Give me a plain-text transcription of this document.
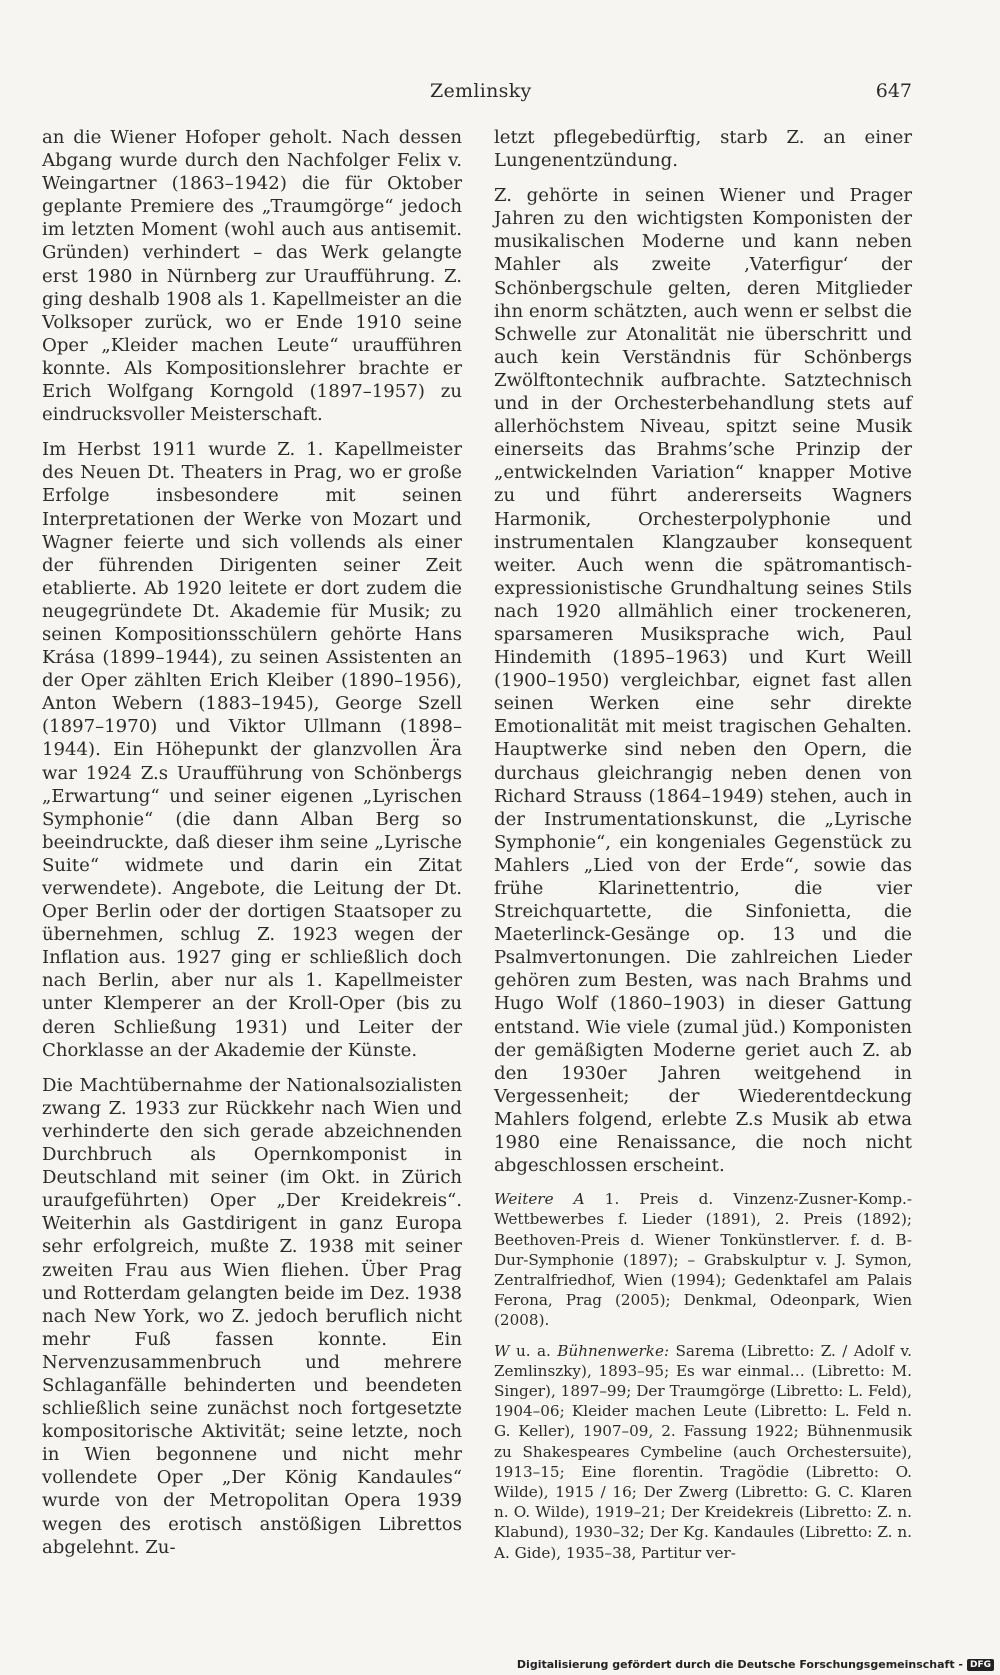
Zemlinsky	647

an die Wiener Hofoper geholt. Nach dessen Abgang wurde durch den Nachfolger Felix v. Weingartner (1863–1942) die für Oktober geplante Premiere des „Traumgörge“ jedoch im letzten Moment (wohl auch aus antisemit. Gründen) verhindert – das Werk gelangte erst 1980 in Nürnberg zur Uraufführung. Z. ging deshalb 1908 als 1. Kapellmeister an die Volksoper zurück, wo er Ende 1910 seine Oper „Kleider machen Leute“ uraufführen konnte. Als Kompositionslehrer brachte er Erich Wolfgang Korngold (1897–1957) zu eindrucksvoller Meisterschaft.

Im Herbst 1911 wurde Z. 1. Kapellmeister des Neuen Dt. Theaters in Prag, wo er große Erfolge insbesondere mit seinen Interpretationen der Werke von Mozart und Wagner feierte und sich vollends als einer der führenden Dirigenten seiner Zeit etablierte. Ab 1920 leitete er dort zudem die neugegründete Dt. Akademie für Musik; zu seinen Kompositionsschülern gehörte Hans Krása (1899–1944), zu seinen Assistenten an der Oper zählten Erich Kleiber (1890–1956), Anton Webern (1883–1945), George Szell (1897–1970) und Viktor Ullmann (1898–1944). Ein Höhepunkt der glanzvollen Ära war 1924 Z.s Uraufführung von Schönbergs „Erwartung“ und seiner eigenen „Lyrischen Symphonie“ (die dann Alban Berg so beeindruckte, daß dieser ihm seine „Lyrische Suite“ widmete und darin ein Zitat verwendete). Angebote, die Leitung der Dt. Oper Berlin oder der dortigen Staatsoper zu übernehmen, schlug Z. 1923 wegen der Inflation aus. 1927 ging er schließlich doch nach Berlin, aber nur als 1. Kapellmeister unter Klemperer an der Kroll-Oper (bis zu deren Schließung 1931) und Leiter der Chorklasse an der Akademie der Künste.

Die Machtübernahme der Nationalsozialisten zwang Z. 1933 zur Rückkehr nach Wien und verhinderte den sich gerade abzeichnenden Durchbruch als Opernkomponist in Deutschland mit seiner (im Okt. in Zürich uraufgeführten) Oper „Der Kreidekreis“. Weiterhin als Gastdirigent in ganz Europa sehr erfolgreich, mußte Z. 1938 mit seiner zweiten Frau aus Wien fliehen. Über Prag und Rotterdam gelangten beide im Dez. 1938 nach New York, wo Z. jedoch beruflich nicht mehr Fuß fassen konnte. Ein Nervenzusammenbruch und mehrere Schlaganfälle behinderten und beendeten schließlich seine zunächst noch fortgesetzte kompositorische Aktivität; seine letzte, noch in Wien begonnene und nicht mehr vollendete Oper „Der König Kandaules“ wurde von der Metropolitan Opera 1939 wegen des erotisch anstößigen Librettos abgelehnt. Zu-

letzt pflegebedürftig, starb Z. an einer Lungenentzündung.

Z. gehörte in seinen Wiener und Prager Jahren zu den wichtigsten Komponisten der musikalischen Moderne und kann neben Mahler als zweite ‚Vaterfigur‘ der Schönbergschule gelten, deren Mitglieder ihn enorm schätzten, auch wenn er selbst die Schwelle zur Atonalität nie überschritt und auch kein Verständnis für Schönbergs Zwölftontechnik aufbrachte. Satztechnisch und in der Orchesterbehandlung stets auf allerhöchstem Niveau, spitzt seine Musik einerseits das Brahms’sche Prinzip der „entwickelnden Variation“ knapper Motive zu und führt andererseits Wagners Harmonik, Orchesterpolyphonie und instrumentalen Klangzauber konsequent weiter. Auch wenn die spätromantisch-expressionistische Grundhaltung seines Stils nach 1920 allmählich einer trockeneren, sparsameren Musiksprache wich, Paul Hindemith (1895–1963) und Kurt Weill (1900–1950) vergleichbar, eignet fast allen seinen Werken eine sehr direkte Emotionalität mit meist tragischen Gehalten. Hauptwerke sind neben den Opern, die durchaus gleichrangig neben denen von Richard Strauss (1864–1949) stehen, auch in der Instrumentationskunst, die „Lyrische Symphonie“, ein kongeniales Gegenstück zu Mahlers „Lied von der Erde“, sowie das frühe Klarinettentrio, die vier Streichquartette, die Sinfonietta, die Maeterlinck-Gesänge op. 13 und die Psalmvertonungen. Die zahlreichen Lieder gehören zum Besten, was nach Brahms und Hugo Wolf (1860–1903) in dieser Gattung entstand. Wie viele (zumal jüd.) Komponisten der gemäßigten Moderne geriet auch Z. ab den 1930er Jahren weitgehend in Vergessenheit; der Wiederentdeckung Mahlers folgend, erlebte Z.s Musik ab etwa 1980 eine Renaissance, die noch nicht abgeschlossen erscheint.

Weitere A 1. Preis d. Vinzenz-Zusner-Komp.-Wettbewerbes f. Lieder (1891), 2. Preis (1892); Beethoven-Preis d. Wiener Tonkünstlerver. f. d. B-Dur-Symphonie (1897); – Grabskulptur v. J. Symon, Zentralfriedhof, Wien (1994); Gedenktafel am Palais Ferona, Prag (2005); Denkmal, Odeonpark, Wien (2008).

W u. a. Bühnenwerke: Sarema (Libretto: Z. / Adolf v. Zemlinszky), 1893–95; Es war einmal… (Libretto: M. Singer), 1897–99; Der Traumgörge (Libretto: L. Feld), 1904–06; Kleider machen Leute (Libretto: L. Feld n. G. Keller), 1907–09, 2. Fassung 1922; Bühnenmusik zu Shakespeares Cymbeline (auch Orchestersuite), 1913–15; Eine florentin. Tragödie (Libretto: O. Wilde), 1915 / 16; Der Zwerg (Libretto: G. C. Klaren n. O. Wilde), 1919–21; Der Kreidekreis (Libretto: Z. n. Klabund), 1930–32; Der Kg. Kandaules (Libretto: Z. n. A. Gide), 1935–38, Partitur ver-

Digitalisierung gefördert durch die Deutsche Forschungsgemeinschaft - DFG
